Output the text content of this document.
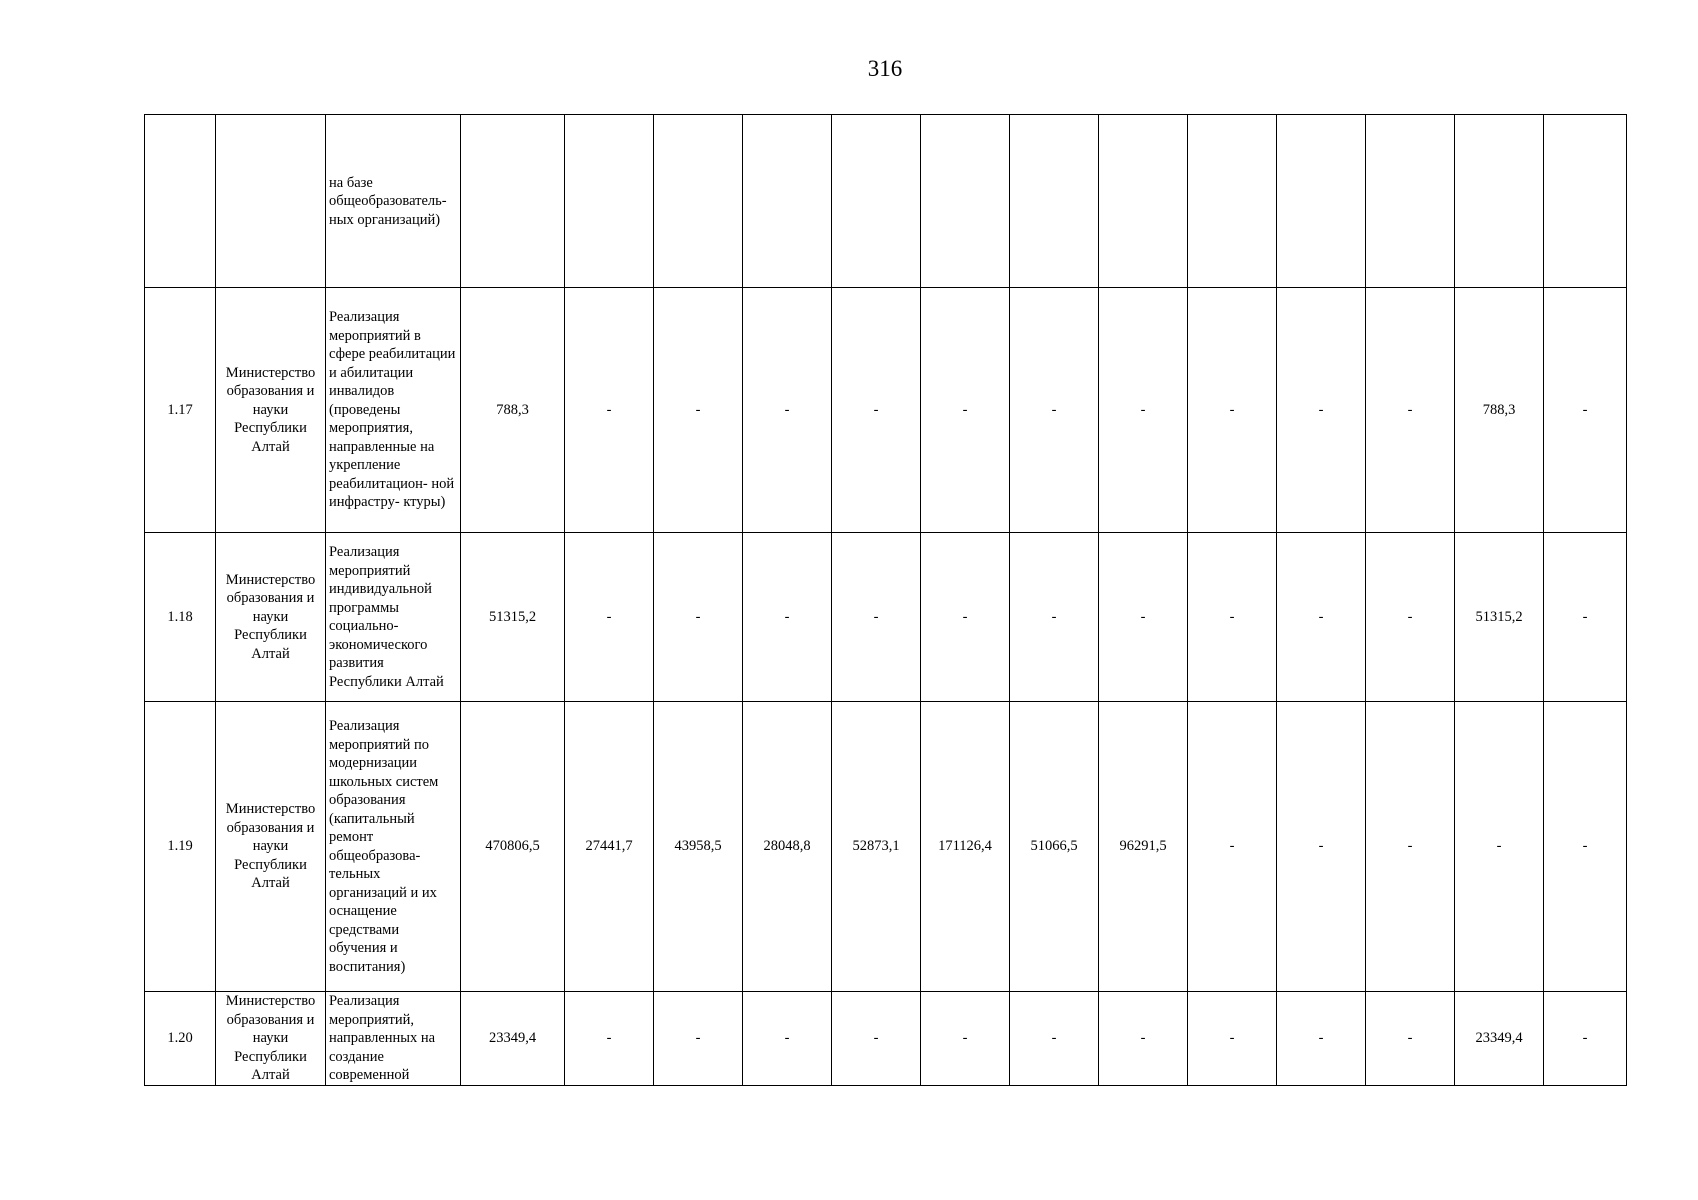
316
		на базе общеобразователь- ных организаций)													
1.17	Министерство образования и науки Республики Алтай	Реализация мероприятий в сфере реабилитации и абилитации инвалидов (проведены мероприятия, направленные на укрепление реабилитацион- ной инфрастру- ктуры)	788,3	-	-	-	-	-	-	-	-	-	-	788,3	-
1.18	Министерство образования и науки Республики Алтай	Реализация мероприятий индивидуальной программы социально- экономического развития Республики Алтай	51315,2	-	-	-	-	-	-	-	-	-	-	51315,2	-
1.19	Министерство образования и науки Республики Алтай	Реализация мероприятий по модернизации школьных систем образования (капитальный ремонт общеобразова- тельных организаций и их оснащение средствами обучения и воспитания)	470806,5	27441,7	43958,5	28048,8	52873,1	171126,4	51066,5	96291,5	-	-	-	-	-
1.20	Министерство образования и науки Республики Алтай	Реализация мероприятий, направленных на создание современной	23349,4	-	-	-	-	-	-	-	-	-	-	23349,4	-
